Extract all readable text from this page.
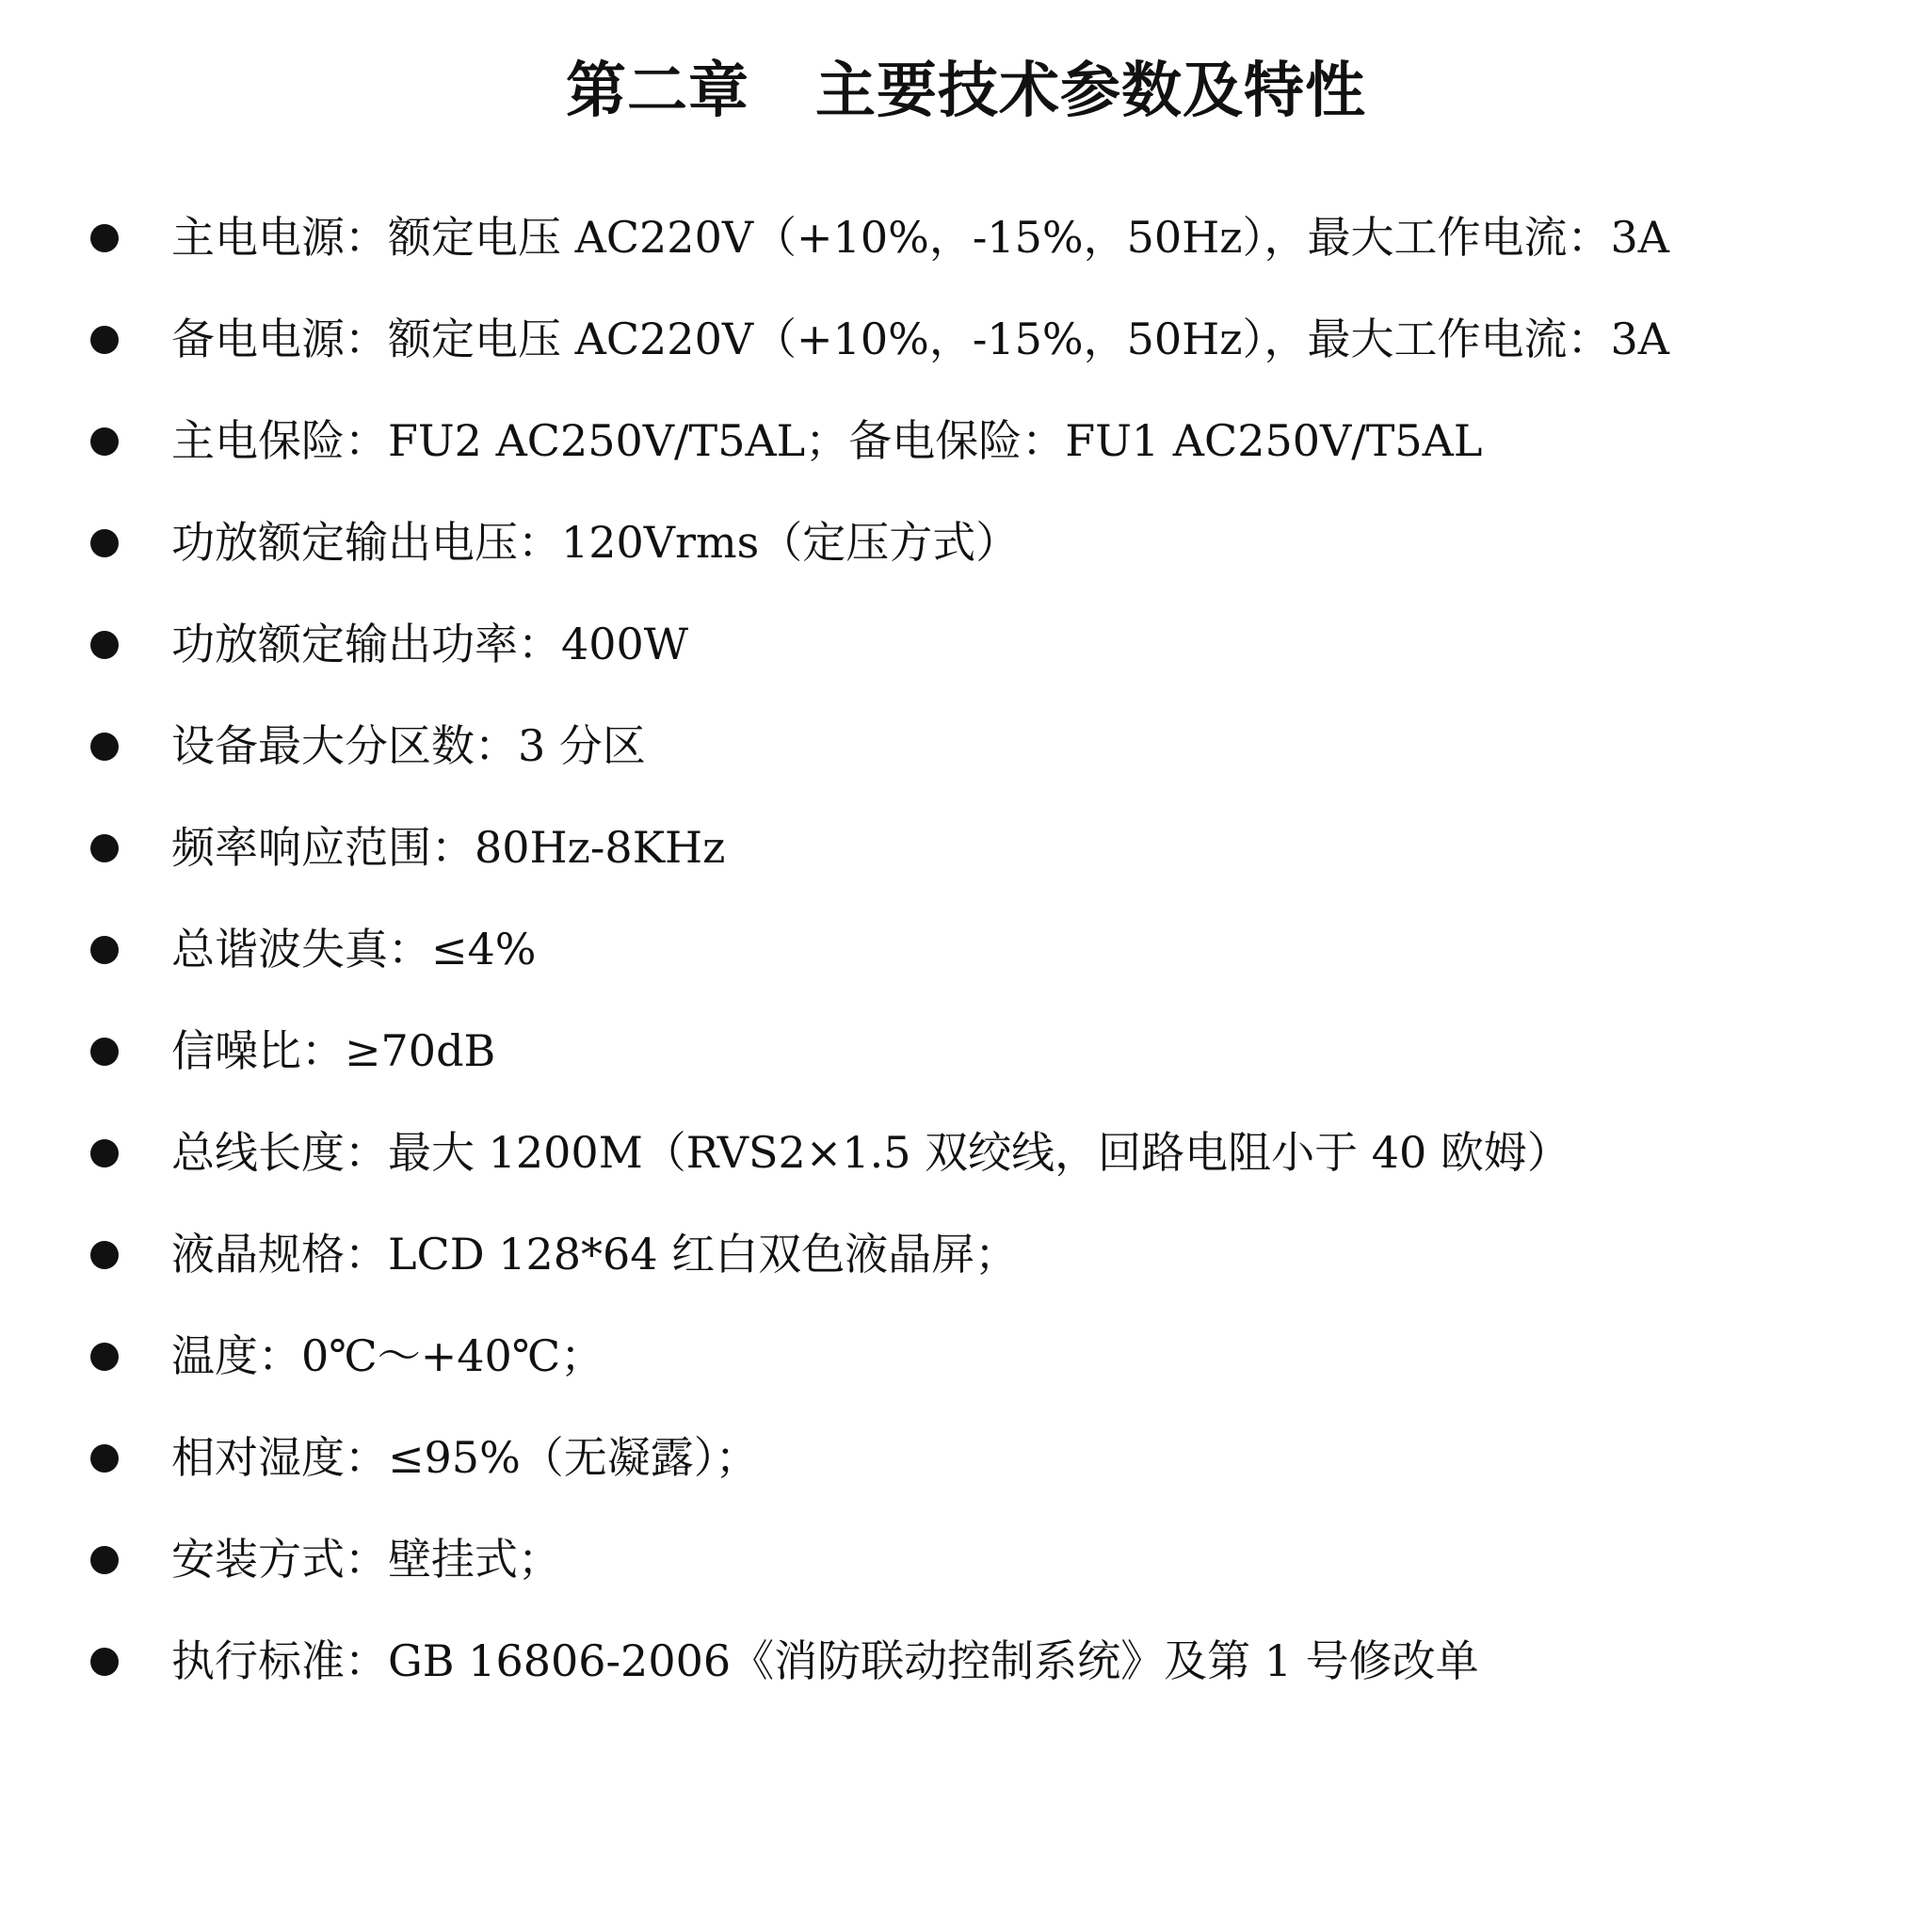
第二章 主要技术参数及特性
主电电源：额定电压 AC220V（+10%，-15%，50Hz），最大工作电流：3A
备电电源：额定电压 AC220V（+10%，-15%，50Hz），最大工作电流：3A
主电保险：FU2 AC250V/T5AL；备电保险：FU1 AC250V/T5AL
功放额定输出电压：120Vrms（定压方式）
功放额定输出功率：400W
设备最大分区数：3 分区
频率响应范围：80Hz-8KHz
总谐波失真：≤4%
信噪比：≥70dB
总线长度：最大 1200M（RVS2×1.5 双绞线，回路电阻小于 40 欧姆）
液晶规格：LCD 128*64 红白双色液晶屏；
温度：0℃～+40℃；
相对湿度：≤95%（无凝露）；
安装方式：壁挂式；
执行标准：GB 16806-2006《消防联动控制系统》及第 1 号修改单
